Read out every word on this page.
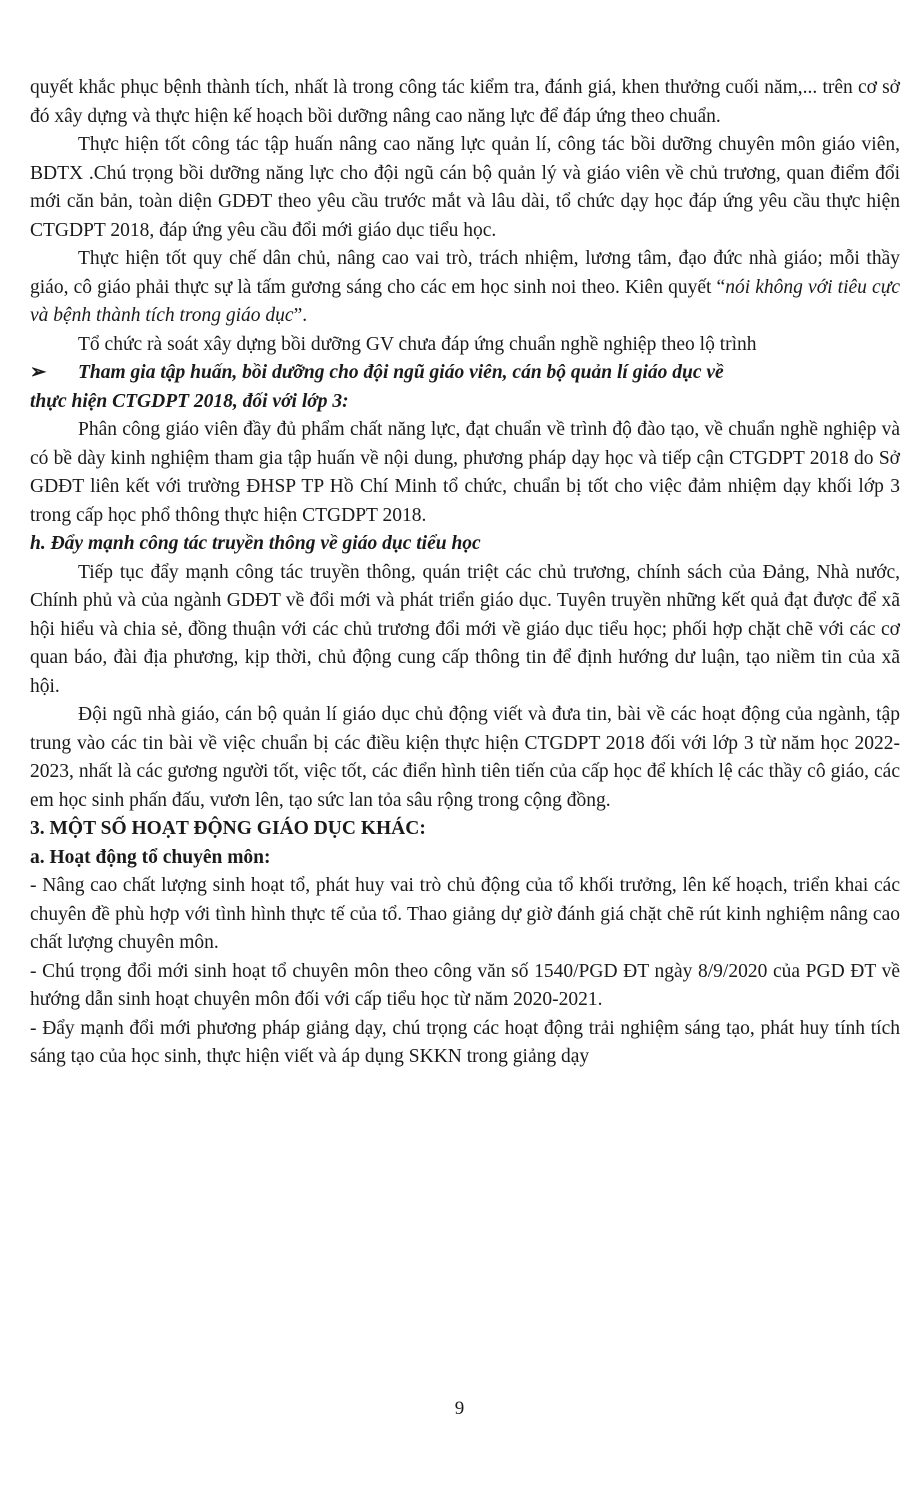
quyết khắc phục bệnh thành tích, nhất là trong công tác kiểm tra, đánh giá, khen thưởng cuối năm,... trên cơ sở đó xây dựng và thực hiện kế hoạch bồi dưỡng nâng cao năng lực để đáp ứng theo chuẩn.

Thực hiện tốt công tác tập huấn nâng cao năng lực quản lí, công tác bồi dưỡng chuyên môn giáo viên, BDTX .Chú trọng bồi dưỡng năng lực cho đội ngũ cán bộ quản lý và giáo viên về chủ trương, quan điểm đổi mới căn bản, toàn diện GDĐT theo yêu cầu trước mắt và lâu dài, tổ chức dạy học đáp ứng yêu cầu thực hiện CTGDPT 2018, đáp ứng yêu cầu đổi mới giáo dục tiểu học.

Thực hiện tốt quy chế dân chủ, nâng cao vai trò, trách nhiệm, lương tâm, đạo đức nhà giáo; mỗi thầy giáo, cô giáo phải thực sự là tấm gương sáng cho các em học sinh noi theo. Kiên quyết “nói không với tiêu cực và bệnh thành tích trong giáo dục”.

Tổ chức rà soát xây dựng bồi dưỡng GV chưa đáp ứng chuẩn nghề nghiệp theo lộ trình

➢	Tham gia tập huấn, bồi dưỡng cho đội ngũ giáo viên, cán bộ quản lí giáo dục về

thực hiện CTGDPT 2018, đối với lớp 3:

Phân công giáo viên đầy đủ phẩm chất năng lực, đạt chuẩn về trình độ đào tạo, về chuẩn nghề nghiệp và có bề dày kinh nghiệm tham gia tập huấn về nội dung, phương pháp dạy học và tiếp cận CTGDPT 2018 do Sở GDĐT liên kết với trường ĐHSP TP Hồ Chí Minh tổ chức, chuẩn bị tốt cho việc đảm nhiệm dạy khối lớp 3 trong cấp học phổ thông thực hiện CTGDPT 2018.

h. Đẩy mạnh công tác truyền thông về giáo dục tiểu học

Tiếp tục đẩy mạnh công tác truyền thông, quán triệt các chủ trương, chính sách của Đảng, Nhà nước, Chính phủ và của ngành GDĐT về đổi mới và phát triển giáo dục. Tuyên truyền những kết quả đạt được để xã hội hiểu và chia sẻ, đồng thuận với các chủ trương đổi mới về giáo dục tiểu học; phối hợp chặt chẽ với các cơ quan báo, đài địa phương, kịp thời, chủ động cung cấp thông tin để định hướng dư luận, tạo niềm tin của xã hội.

Đội ngũ nhà giáo, cán bộ quản lí giáo dục chủ động viết và đưa tin, bài về các hoạt động của ngành, tập trung vào các tin bài về việc chuẩn bị các điều kiện thực hiện CTGDPT 2018 đối với lớp 3 từ năm học 2022-2023, nhất là các gương người tốt, việc tốt, các điển hình tiên tiến của cấp học để khích lệ các thầy cô giáo, các em học sinh phấn đấu, vươn lên, tạo sức lan tỏa sâu rộng trong cộng đồng.

3. MỘT SỐ HOẠT ĐỘNG GIÁO DỤC KHÁC:

a. Hoạt động tổ chuyên môn:

- Nâng cao chất lượng sinh hoạt tổ, phát huy vai trò chủ động của tổ khối trưởng, lên kế hoạch, triển khai các chuyên đề phù hợp với tình hình thực tế của tổ. Thao giảng dự giờ đánh giá chặt chẽ rút kinh nghiệm nâng cao chất lượng chuyên môn.

- Chú trọng đổi mới sinh hoạt tổ chuyên môn theo công văn số 1540/PGD ĐT ngày 8/9/2020 của PGD ĐT về hướng dẫn sinh hoạt chuyên môn đối với cấp tiểu học từ năm 2020-2021.

- Đẩy mạnh đổi mới phương pháp giảng dạy, chú trọng các hoạt động trải nghiệm sáng tạo, phát huy tính tích sáng tạo của học sinh, thực hiện viết và áp dụng SKKN trong giảng dạy

9
